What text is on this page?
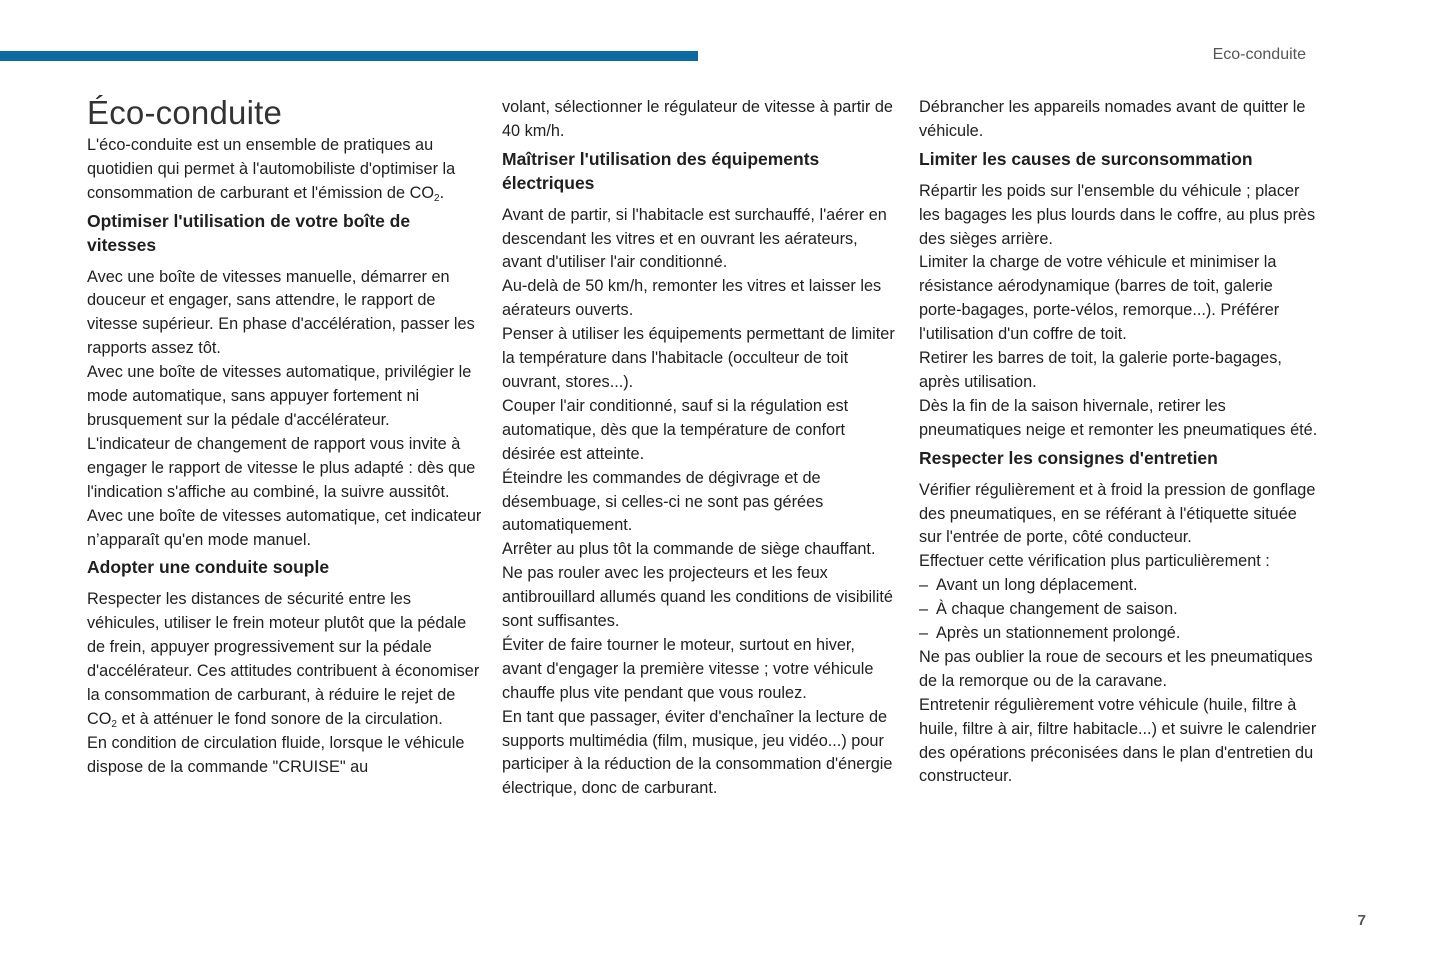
Eco-conduite
Éco-conduite

L'éco-conduite est un ensemble de pratiques au quotidien qui permet à l'automobiliste d'optimiser la consommation de carburant et l'émission de $CO_2$.

Optimiser l'utilisation de votre boîte de vitesses

Avec une boîte de vitesses manuelle, démarrer en douceur et engager, sans attendre, le rapport de vitesse supérieur. En phase d'accélération, passer les rapports assez tôt.

Avec une boîte de vitesses automatique, privilégier le mode automatique, sans appuyer fortement ni brusquement sur la pédale d'accélérateur.

L'indicateur de changement de rapport vous invite à engager le rapport de vitesse le plus adapté : dès que l'indication s'affiche au combiné, la suivre aussitôt.

Avec une boîte de vitesses automatique, cet indicateur n’apparaît qu'en mode manuel.

Adopter une conduite souple

Respecter les distances de sécurité entre les véhicules, utiliser le frein moteur plutôt que la pédale de frein, appuyer progressivement sur la pédale d'accélérateur. Ces attitudes contribuent à économiser la consommation de carburant, à réduire le rejet de $CO_2$ et à atténuer le fond sonore de la circulation.

En condition de circulation fluide, lorsque le véhicule dispose de la commande "CRUISE" au

volant, sélectionner le régulateur de vitesse à partir de 40 km/h.

Maîtriser l'utilisation des équipements électriques

Avant de partir, si l'habitacle est surchauffé, l'aérer en descendant les vitres et en ouvrant les aérateurs, avant d'utiliser l'air conditionné.

Au-delà de 50 km/h, remonter les vitres et laisser les aérateurs ouverts.

Penser à utiliser les équipements permettant de limiter la température dans l'habitacle (occulteur de toit ouvrant, stores...).

Couper l'air conditionné, sauf si la régulation est automatique, dès que la température de confort désirée est atteinte.

Éteindre les commandes de dégivrage et de désembuage, si celles-ci ne sont pas gérées automatiquement.

Arrêter au plus tôt la commande de siège chauffant.

Ne pas rouler avec les projecteurs et les feux antibrouillard allumés quand les conditions de visibilité sont suffisantes.

Éviter de faire tourner le moteur, surtout en hiver, avant d'engager la première vitesse ; votre véhicule chauffe plus vite pendant que vous roulez.

En tant que passager, éviter d'enchaîner la lecture de supports multimédia (film, musique, jeu vidéo...) pour participer à la réduction de la consommation d'énergie électrique, donc de carburant.

Débrancher les appareils nomades avant de quitter le véhicule.

Limiter les causes de surconsommation

Répartir les poids sur l'ensemble du véhicule ; placer les bagages les plus lourds dans le coffre, au plus près des sièges arrière.

Limiter la charge de votre véhicule et minimiser la résistance aérodynamique (barres de toit, galerie porte-bagages, porte-vélos, remorque...). Préférer l'utilisation d'un coffre de toit.

Retirer les barres de toit, la galerie porte-bagages, après utilisation.

Dès la fin de la saison hivernale, retirer les pneumatiques neige et remonter les pneumatiques été.

Respecter les consignes d'entretien

Vérifier régulièrement et à froid la pression de gonflage des pneumatiques, en se référant à l'étiquette située sur l'entrée de porte, côté conducteur.

Effectuer cette vérification plus particulièrement :

– Avant un long déplacement.
– À chaque changement de saison.
– Après un stationnement prolongé.

Ne pas oublier la roue de secours et les pneumatiques de la remorque ou de la caravane.

Entretenir régulièrement votre véhicule (huile, filtre à huile, filtre à air, filtre habitacle...) et suivre le calendrier des opérations préconisées dans le plan d'entretien du constructeur.

7
